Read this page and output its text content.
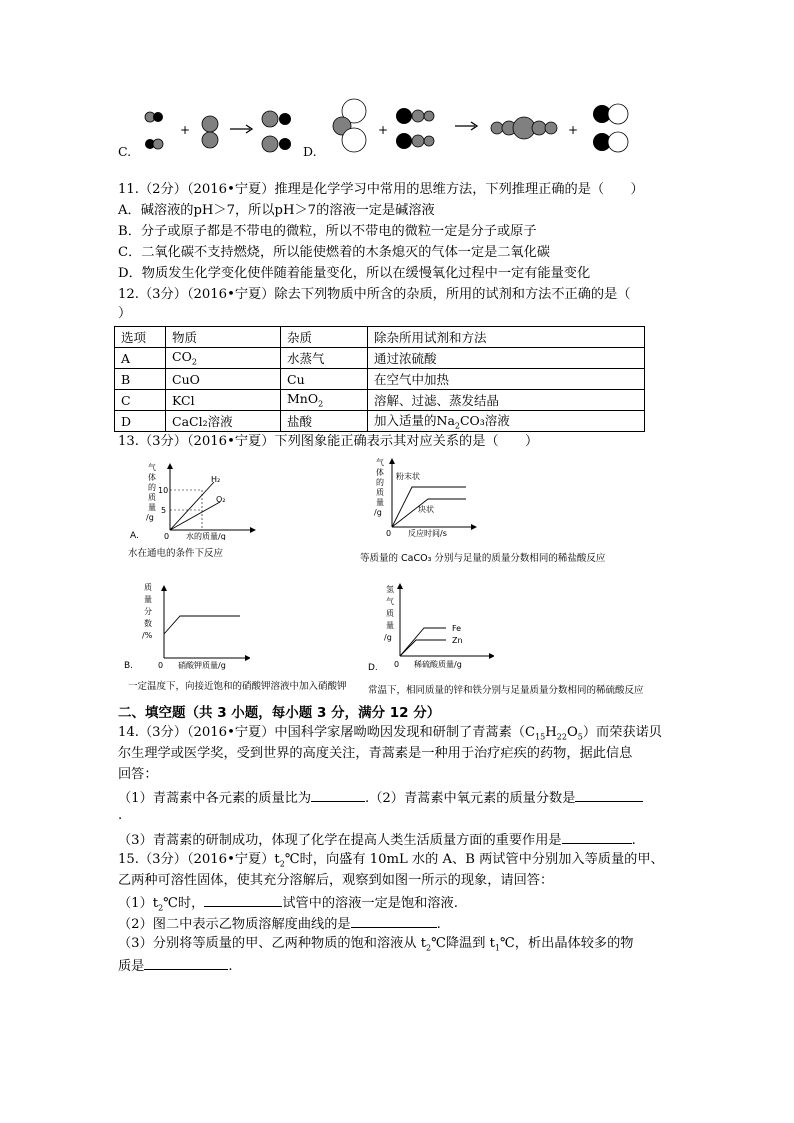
+	+	+
C.	D.
11.（2分）（2016•宁夏）推理是化学学习中常用的思维方法，下列推理正确的是（　　）
A．碱溶液的pH＞7，所以pH＞7的溶液一定是碱溶液
B．分子或原子都是不带电的微粒，所以不带电的微粒一定是分子或原子
C．二氧化碳不支持燃烧，所以能使燃着的木条熄灭的气体一定是二氧化碳
D．物质发生化学变化使伴随着能量变化，所以在缓慢氧化过程中一定有能量变化
12.（3分）（2016•宁夏）除去下列物质中所含的杂质，所用的试剂和方法不正确的是（
）
选项	物质	杂质	除杂所用试剂和方法
A	$CO_2$	水蒸气	通过浓硫酸
B	CuO	Cu	在空气中加热
C	KCl	MnO$_2$	溶解、过滤、蒸发结晶
D	CaCl₂溶液	盐酸	加入适量的$Na_2CO_3$溶液
13.（3分）（2016•宁夏）下列图象能正确表示其对应关系的是（　　）
H₂
O₂
10
5
0 水的质量/g
气
体
的
质
量
/g
A.
水在通电的条件下反应
粉末状
块状
0 反应时间/s
气
体
的
质
量
/g
等质量的 CaCO₃ 分别与足量的质量分数相同的稀盐酸反应
0 硝酸钾质量/g
质
量
分
数
/%
B.
一定温度下，向接近饱和的硝酸钾溶液中加入硝酸钾
Fe
Zn
0 稀硫酸质量/g
氢
气
质
量
/g
D.
常温下，相同质量的锌和铁分别与足量质量分数相同的稀硫酸反应
二、填空题（共 3 小题，每小题 3 分，满分 12 分）
14.（3分）（2016•宁夏）中国科学家屠呦呦因发现和研制了青蒿素$(C_{15}H_{22}O_5)$而荣获诺贝
尔生理学或医学奖，受到世界的高度关注，青蒿素是一种用于治疗疟疾的药物，据此信息
回答：
（1）青蒿素中各元素的质量比为	.（2）青蒿素中氧元素的质量分数是
.
（3）青蒿素的研制成功，体现了化学在提高人类生活质量方面的重要作用是	.
15.（3分）（2016•宁夏）$t_2℃$时，向盛有 10mL 水的 A、B 两试管中分别加入等质量的甲、
乙两种可溶性固体，使其充分溶解后，观察到如图一所示的现象，请回答：
$(1)t_2℃$时，	试管中的溶液一定是饱和溶液.
（2）图二中表示乙物质溶解度曲线的是	.
（3）分别将等质量的甲、乙两种物质的饱和溶液从 $t_2℃$降温到 $t_1℃$，析出晶体较多的物
质是	.
